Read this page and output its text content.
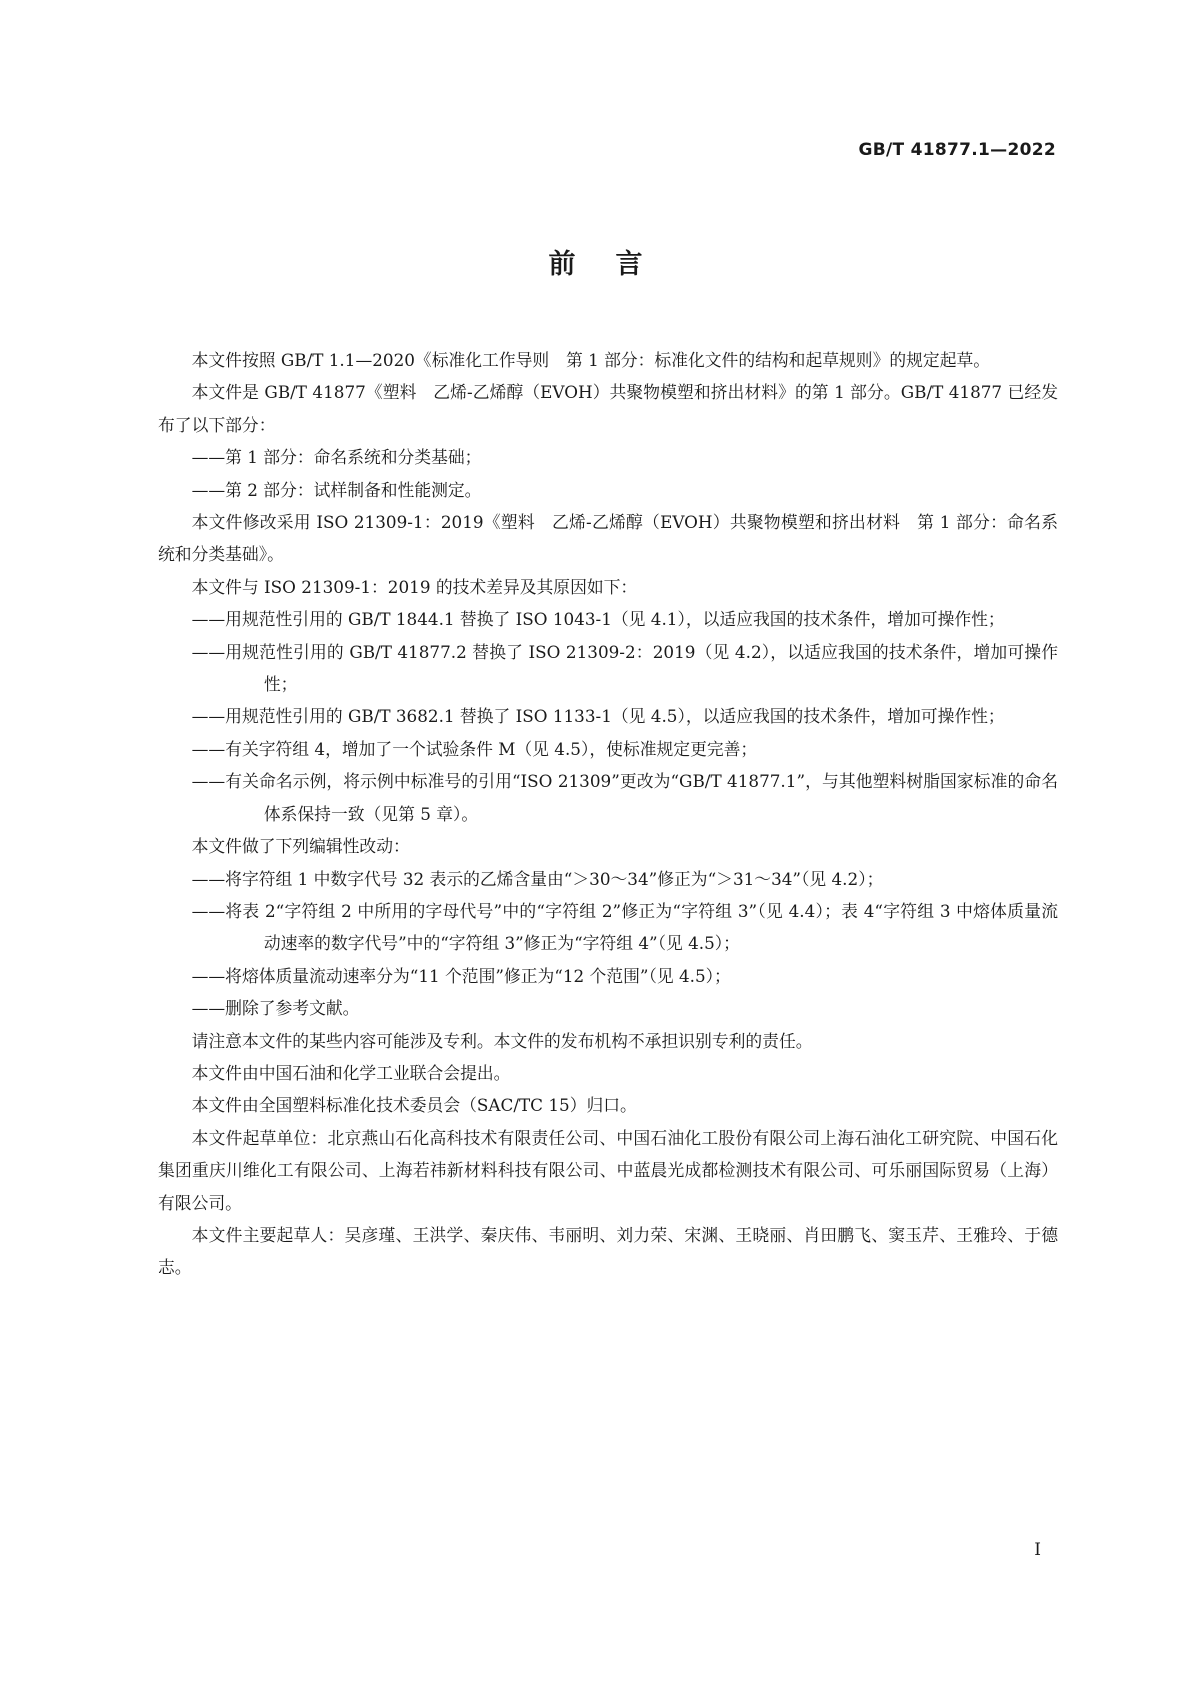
GB/T 41877.1—2022
前言

本文件按照 GB/T 1.1—2020《标准化工作导则　第 1 部分：标准化文件的结构和起草规则》的规定起草。

本文件是 GB/T 41877《塑料　乙烯-乙烯醇（EVOH）共聚物模塑和挤出材料》的第 1 部分。GB/T 41877 已经发布了以下部分：

——第 1 部分：命名系统和分类基础；

——第 2 部分：试样制备和性能测定。

本文件修改采用 ISO 21309-1：2019《塑料　乙烯-乙烯醇（EVOH）共聚物模塑和挤出材料　第 1 部分：命名系统和分类基础》。

本文件与 ISO 21309-1：2019 的技术差异及其原因如下：

——用规范性引用的 GB/T 1844.1 替换了 ISO 1043-1（见 4.1），以适应我国的技术条件，增加可操作性；

——用规范性引用的 GB/T 41877.2 替换了 ISO 21309-2：2019（见 4.2），以适应我国的技术条件，增加可操作性；

——用规范性引用的 GB/T 3682.1 替换了 ISO 1133-1（见 4.5），以适应我国的技术条件，增加可操作性；

——有关字符组 4，增加了一个试验条件 M（见 4.5），使标准规定更完善；

——有关命名示例，将示例中标准号的引用“ISO 21309”更改为“GB/T 41877.1”，与其他塑料树脂国家标准的命名体系保持一致（见第 5 章）。

本文件做了下列编辑性改动：

——将字符组 1 中数字代号 32 表示的乙烯含量由“＞30～34”修正为“＞31～34”（见 4.2）；

——将表 2“字符组 2 中所用的字母代号”中的“字符组 2”修正为“字符组 3”（见 4.4）；表 4“字符组 3 中熔体质量流动速率的数字代号”中的“字符组 3”修正为“字符组 4”（见 4.5）；

——将熔体质量流动速率分为“11 个范围”修正为“12 个范围”（见 4.5）；

——删除了参考文献。

请注意本文件的某些内容可能涉及专利。本文件的发布机构不承担识别专利的责任。

本文件由中国石油和化学工业联合会提出。

本文件由全国塑料标准化技术委员会（SAC/TC 15）归口。

本文件起草单位：北京燕山石化高科技术有限责任公司、中国石油化工股份有限公司上海石油化工研究院、中国石化集团重庆川维化工有限公司、上海若祎新材料科技有限公司、中蓝晨光成都检测技术有限公司、可乐丽国际贸易（上海）有限公司。

本文件主要起草人：吴彦瑾、王洪学、秦庆伟、韦丽明、刘力荣、宋渊、王晓丽、肖田鹏飞、窦玉芹、王雅玲、于德志。

I
